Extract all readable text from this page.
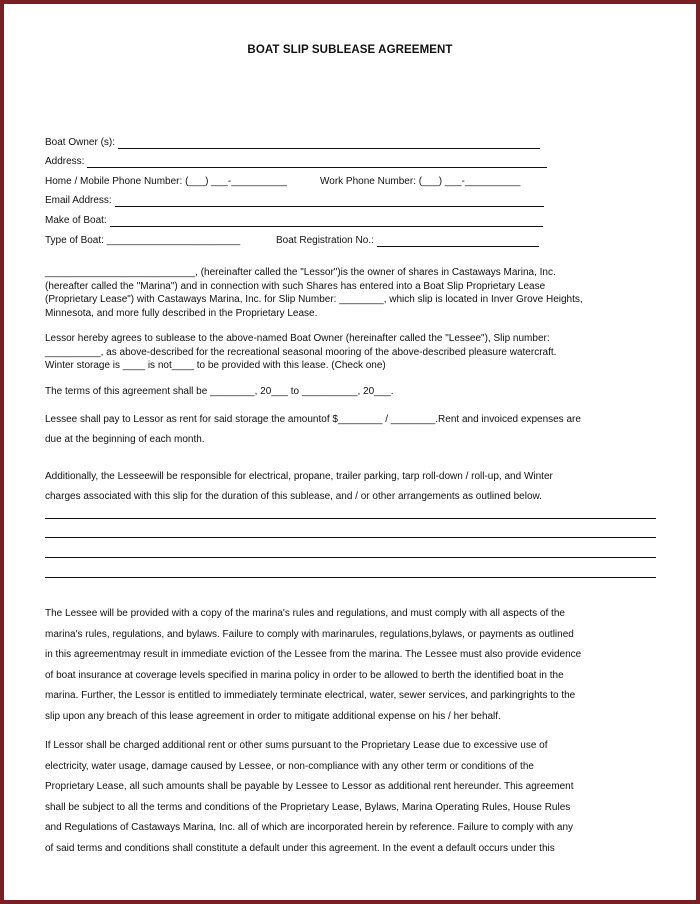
BOAT SLIP SUBLEASE AGREEMENT
Boat Owner (s):
Address:
Home / Mobile Phone Number: (___) ___-__________	Work Phone Number: (___) ___-__________
Email Address:
Make of Boat:
Type of Boat: ________________________	Boat Registration No.:

___________________________, (hereinafter called the "Lessor")is the owner of shares in Castaways Marina, Inc.

(hereafter called the "Marina") and in connection with such Shares has entered into a Boat Slip Proprietary Lease

(Proprietary Lease") with Castaways Marina, Inc. for Slip Number: ________, which slip is located in Inver Grove Heights,

Minnesota, and more fully described in the Proprietary Lease.

Lessor hereby agrees to sublease to the above-named Boat Owner (hereinafter called the "Lessee"), Slip number:

__________, as above-described for the recreational seasonal mooring of the above-described pleasure watercraft.

Winter storage is ____ is not____ to be provided with this lease. (Check one)

The terms of this agreement shall be ________, 20___ to __________, 20___.

Lessee shall pay to Lessor as rent for said storage the amountof $________ / ________.Rent and invoiced expenses are

due at the beginning of each month.

Additionally, the Lesseewill be responsible for electrical, propane, trailer parking, tarp roll-down / roll-up, and Winter

charges associated with this slip for the duration of this sublease, and / or other arrangements as outlined below.

The Lessee will be provided with a copy of the marina's rules and regulations, and must comply with all aspects of the

marina's rules, regulations, and bylaws. Failure to comply with marinarules, regulations,bylaws, or payments as outlined

in this agreementmay result in immediate eviction of the Lessee from the marina. The Lessee must also provide evidence

of boat insurance at coverage levels specified in marina policy in order to be allowed to berth the identified boat in the

marina. Further, the Lessor is entitled to immediately terminate electrical, water, sewer services, and parkingrights to the

slip upon any breach of this lease agreement in order to mitigate additional expense on his / her behalf.

If Lessor shall be charged additional rent or other sums pursuant to the Proprietary Lease due to excessive use of

electricity, water usage, damage caused by Lessee, or non-compliance with any other term or conditions of the

Proprietary Lease, all such amounts shall be payable by Lessee to Lessor as additional rent hereunder. This agreement

shall be subject to all the terms and conditions of the Proprietary Lease, Bylaws, Marina Operating Rules, House Rules

and Regulations of Castaways Marina, Inc. all of which are incorporated herein by reference. Failure to comply with any

of said terms and conditions shall constitute a default under this agreement. In the event a default occurs under this
